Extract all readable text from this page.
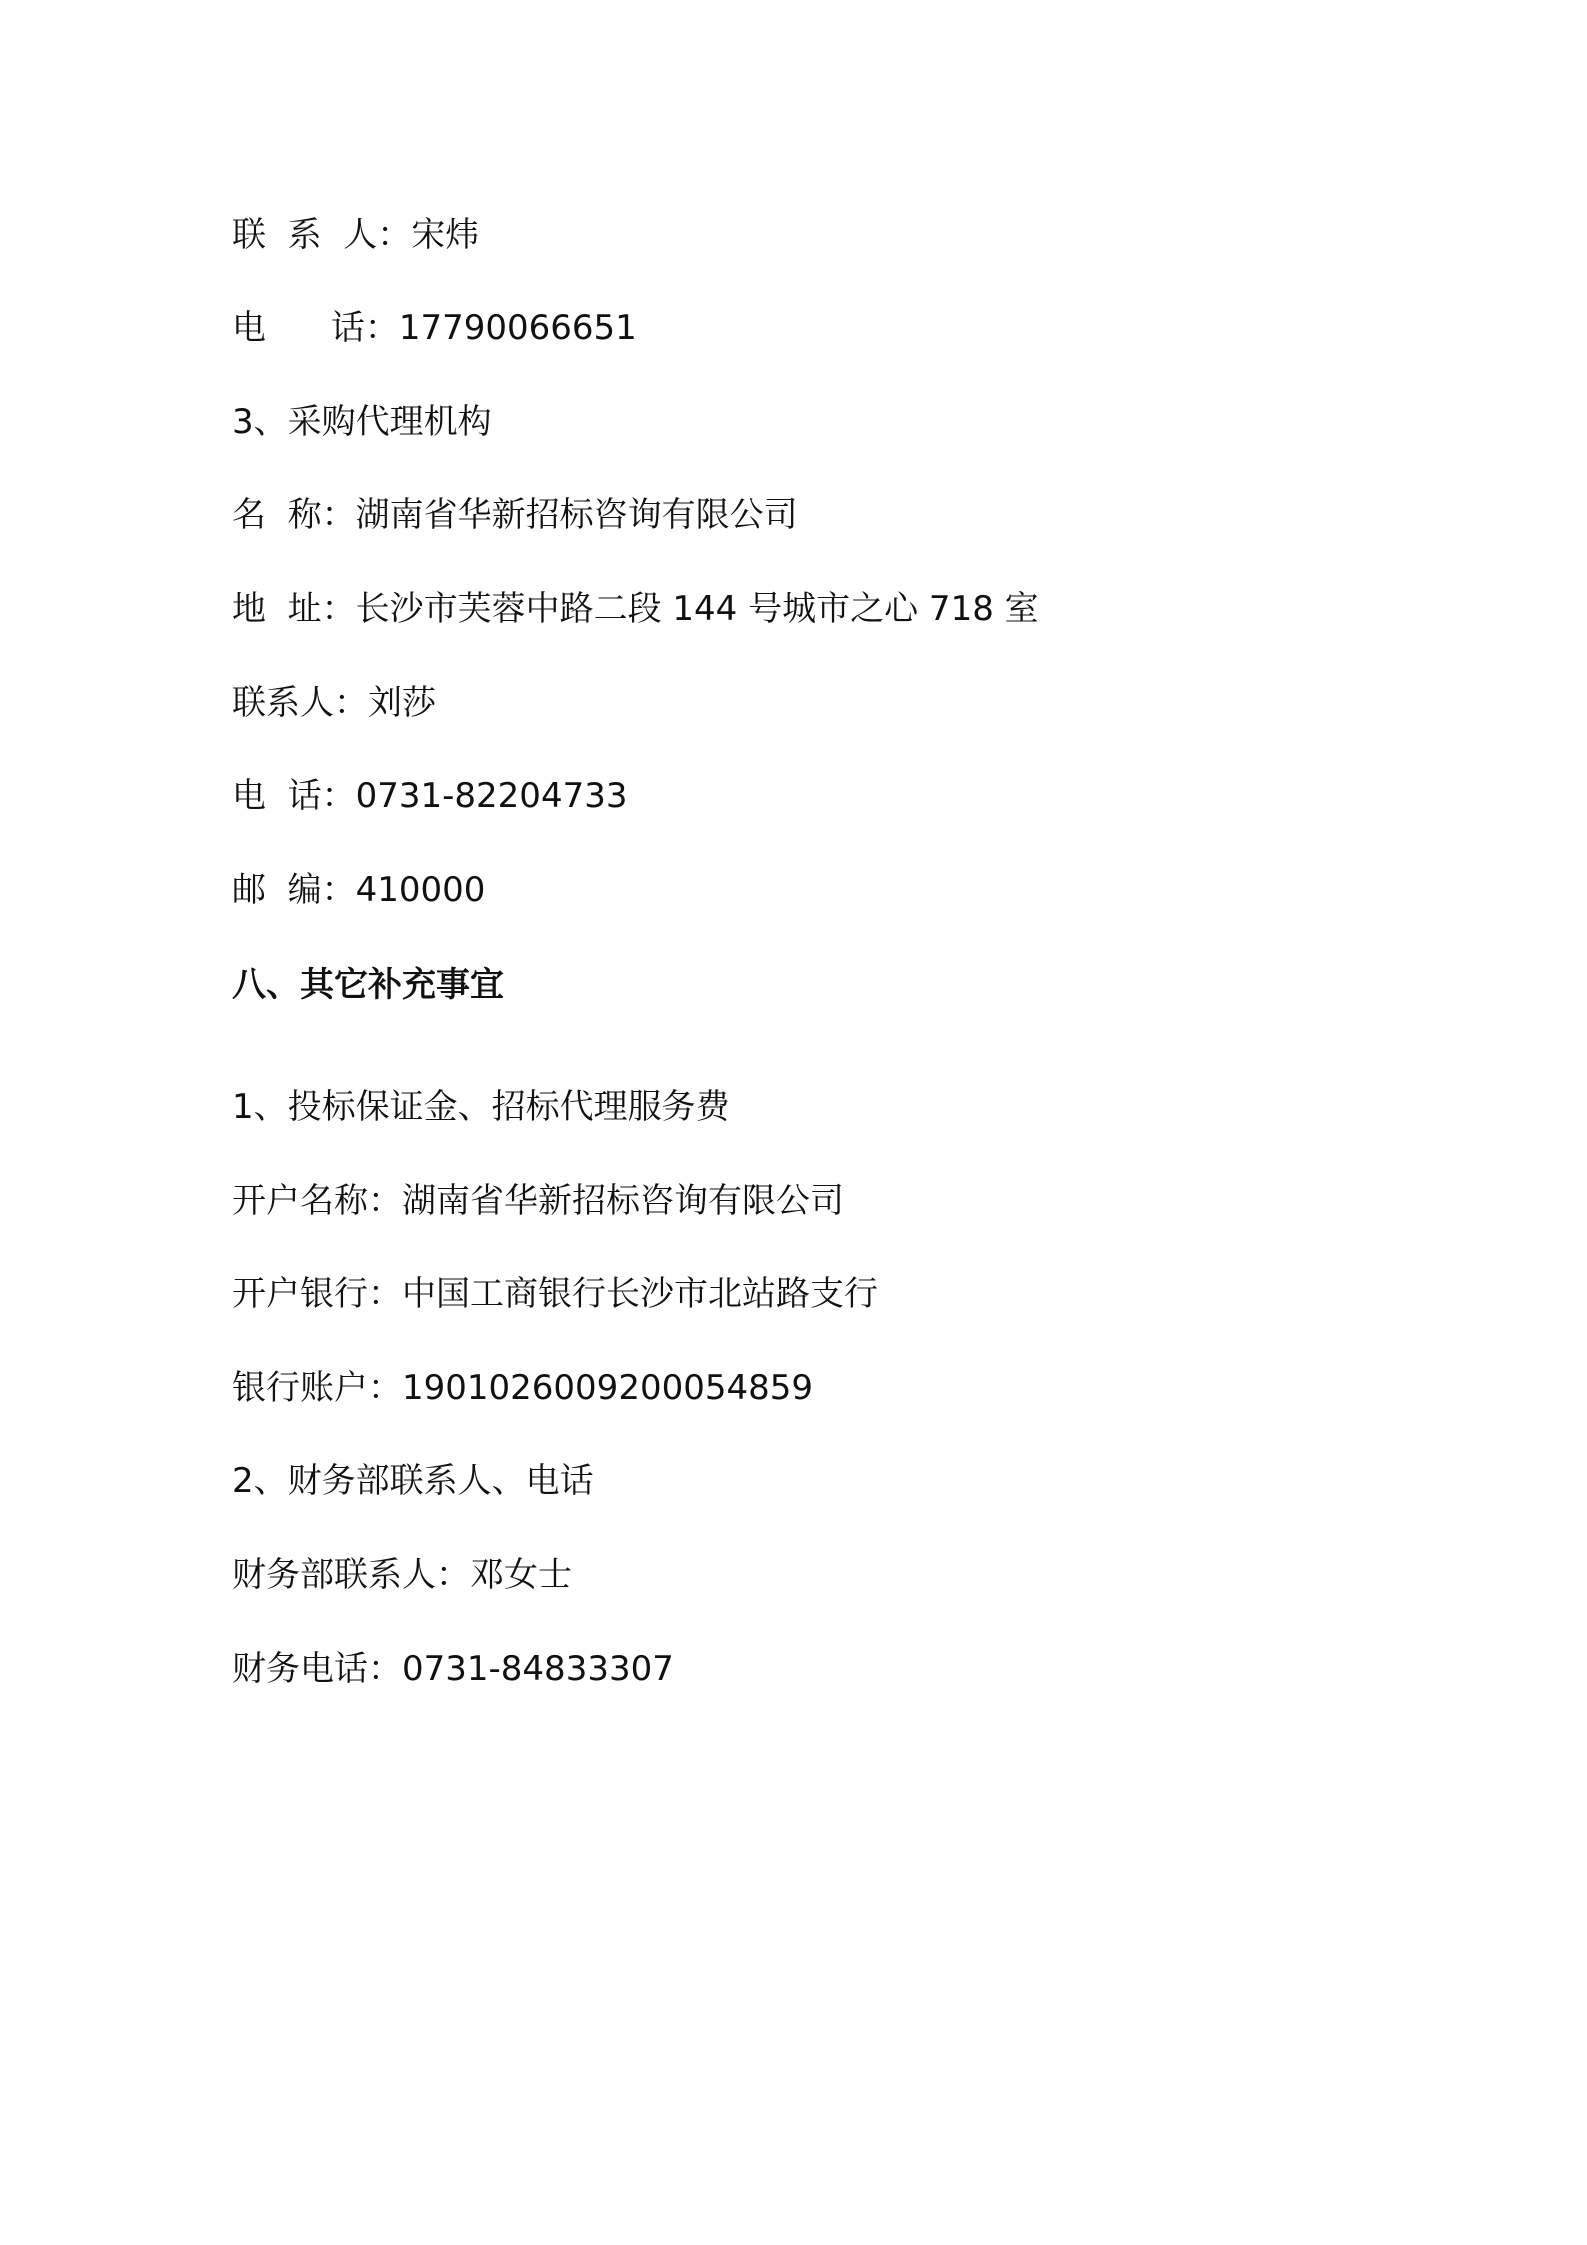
联  系  人：宋炜
电      话：17790066651
3、采购代理机构
名  称：湖南省华新招标咨询有限公司
地  址：长沙市芙蓉中路二段 144 号城市之心 718 室
联系人：刘莎
电  话：0731-82204733
邮  编：410000
八、其它补充事宜
1、投标保证金、招标代理服务费
开户名称：湖南省华新招标咨询有限公司
开户银行：中国工商银行长沙市北站路支行
银行账户：1901026009200054859
2、财务部联系人、电话
财务部联系人：邓女士
财务电话：0731-84833307
